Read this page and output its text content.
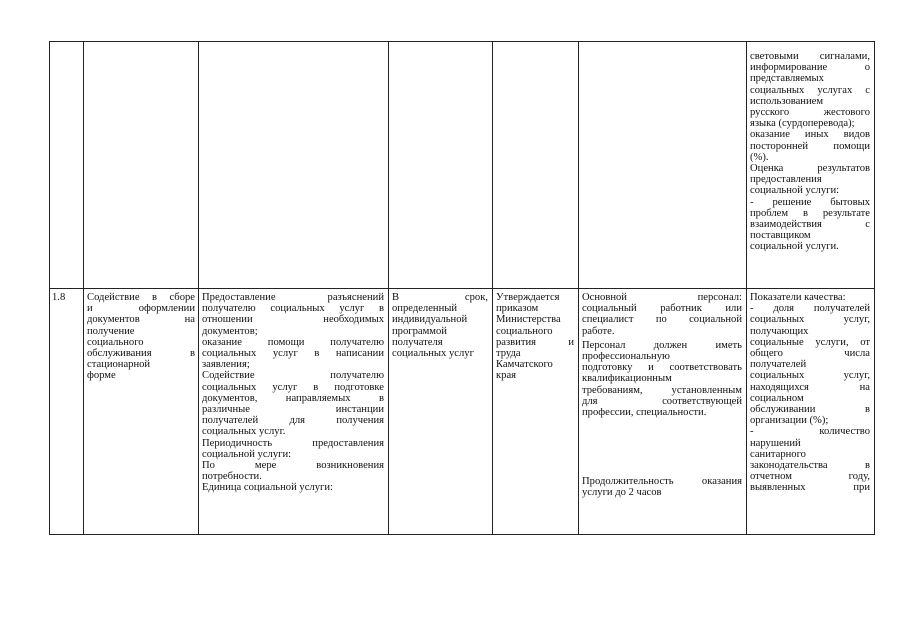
световыми сигналами,
информирование о
представляемых
социальных услугах с
использованием
русского жестового
языка (сурдоперевода);
оказание иных видов
посторонней помощи
(%).
Оценка результатов
предоставления
социальной услуги:
- решение бытовых
проблем в результате
взаимодействия с
поставщиком
социальной услуги.
1.8	Содействие в сборе
и оформлении
документов на
получение
социального
обслуживания в
стационарной
форме
Предоставление разъяснений
получателю социальных услуг в
отношении необходимых
документов;
оказание помощи получателю
социальных услуг в написании
заявления;
Содействие получателю
социальных услуг в подготовке
документов, направляемых в
различные инстанции
получателей для получения
социальных услуг.
Периодичность предоставления
социальной услуги:
По мере возникновения
потребности.
Единица социальной услуги:
В срок,
определенный
индивидуальной
программой
получателя
социальных услуг
Утверждается
приказом
Министерства
социального
развития и
труда
Камчатского
края
Основной персонал:
социальный работник или
специалист по социальной
работе.
Персонал должен иметь
профессиональную
подготовку и соответствовать
квалификационным
требованиям, установленным
для соответствующей
профессии, специальности.
Продолжительность оказания
услуги до 2 часов
Показатели качества:
- доля получателей
социальных услуг,
получающих
социальные услуги, от
общего числа
получателей
социальных услуг,
находящихся на
социальном
обслуживании в
организации (%);
- количество
нарушений
санитарного
законодательства в
отчетном году,
выявленных при
